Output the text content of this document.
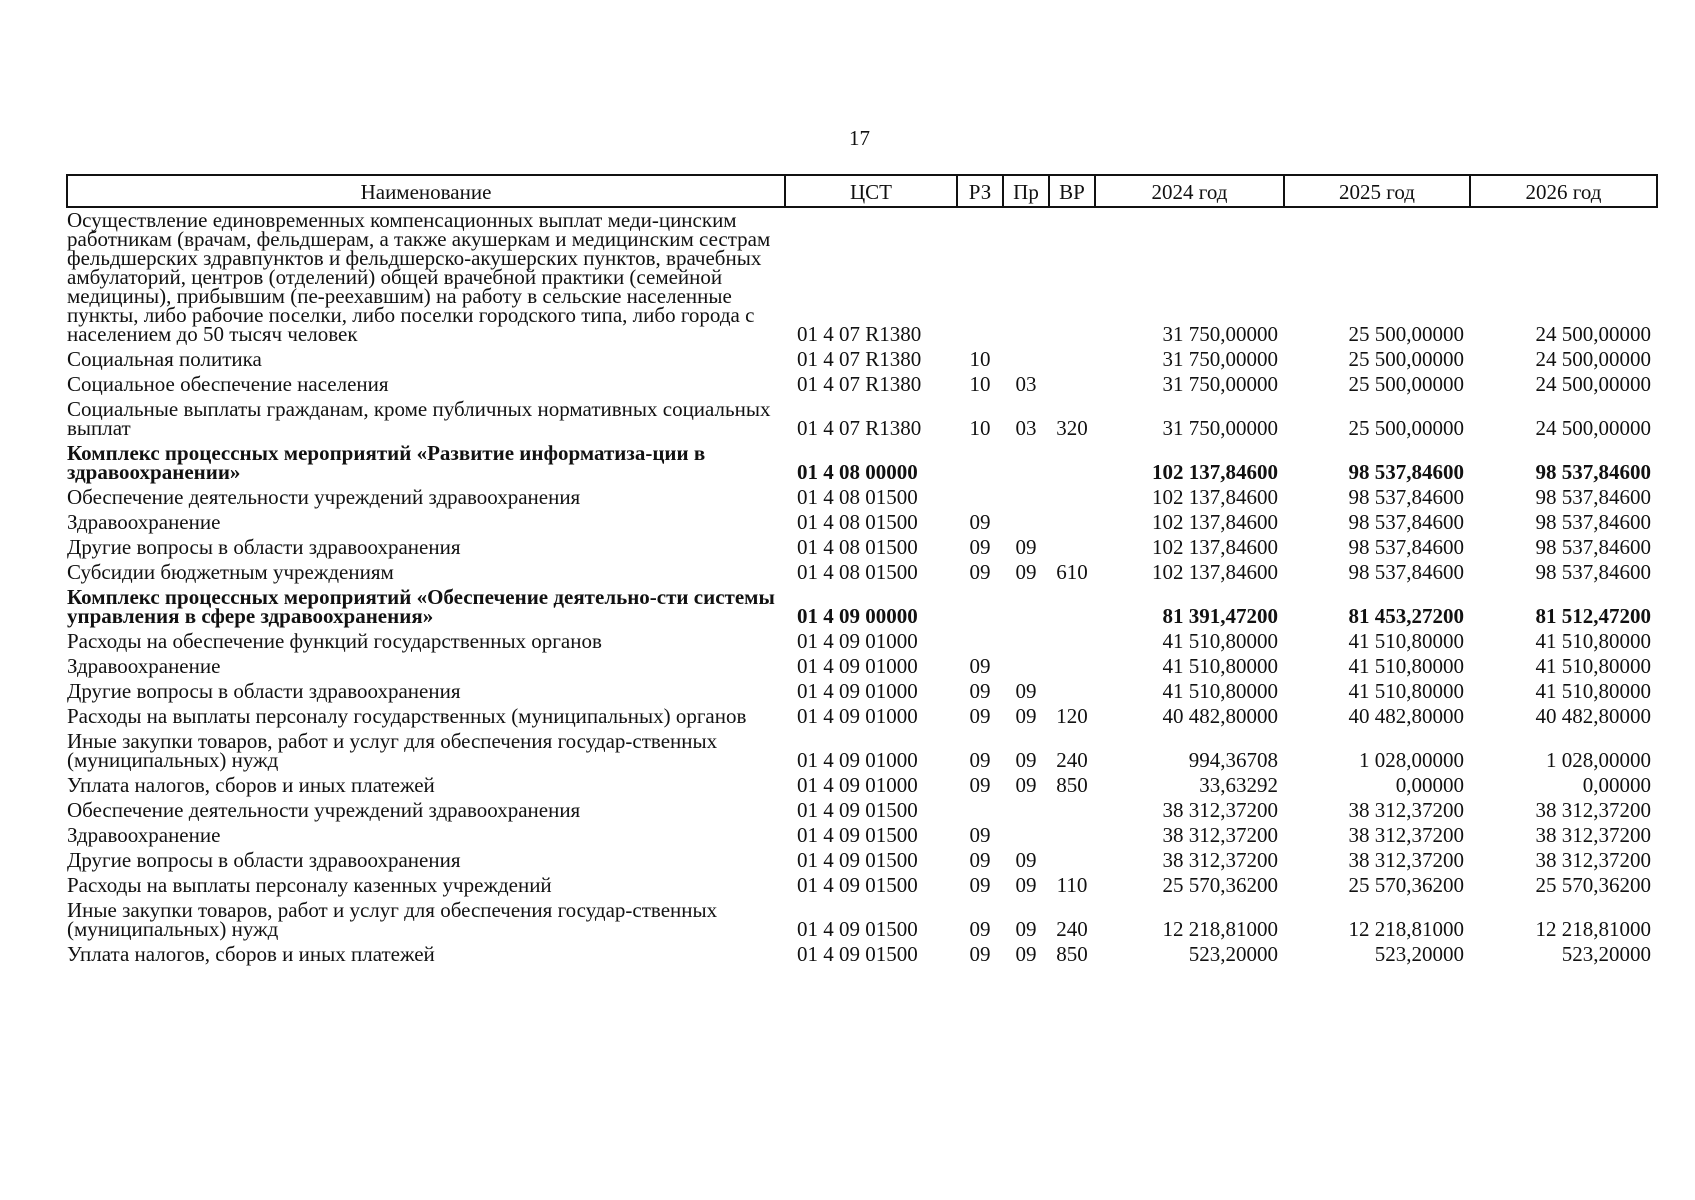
17
Наименование	ЦСТ	РЗ	Пр	ВР	2024 год	2025 год	2026 год
Осуществление единовременных компенсационных выплат меди-цинским работникам (врачам, фельдшерам, а также акушеркам и медицинским сестрам фельдшерских здравпунктов и фельдшерско-акушерских пунктов, врачебных амбулаторий, центров (отделений) общей врачебной практики (семейной медицины), прибывшим (пе-реехавшим) на работу в сельские населенные пункты, либо рабочие поселки, либо поселки городского типа, либо города с населением до 50 тысяч человек	01 4 07 R1380				31 750,00000	25 500,00000	24 500,00000
Социальная политика	01 4 07 R1380	10			31 750,00000	25 500,00000	24 500,00000
Социальное обеспечение населения	01 4 07 R1380	10	03		31 750,00000	25 500,00000	24 500,00000
Социальные выплаты гражданам, кроме публичных нормативных социальных выплат	01 4 07 R1380	10	03	320	31 750,00000	25 500,00000	24 500,00000
Комплекс процессных мероприятий «Развитие информатиза-ции в здравоохранении»	01 4 08 00000				102 137,84600	98 537,84600	98 537,84600
Обеспечение деятельности учреждений здравоохранения	01 4 08 01500				102 137,84600	98 537,84600	98 537,84600
Здравоохранение	01 4 08 01500	09			102 137,84600	98 537,84600	98 537,84600
Другие вопросы в области здравоохранения	01 4 08 01500	09	09		102 137,84600	98 537,84600	98 537,84600
Субсидии бюджетным учреждениям	01 4 08 01500	09	09	610	102 137,84600	98 537,84600	98 537,84600
Комплекс процессных мероприятий «Обеспечение деятельно-сти системы управления в сфере здравоохранения»	01 4 09 00000				81 391,47200	81 453,27200	81 512,47200
Расходы на обеспечение функций государственных органов	01 4 09 01000				41 510,80000	41 510,80000	41 510,80000
Здравоохранение	01 4 09 01000	09			41 510,80000	41 510,80000	41 510,80000
Другие вопросы в области здравоохранения	01 4 09 01000	09	09		41 510,80000	41 510,80000	41 510,80000
Расходы на выплаты персоналу государственных (муниципальных) органов	01 4 09 01000	09	09	120	40 482,80000	40 482,80000	40 482,80000
Иные закупки товаров, работ и услуг для обеспечения государ-ственных (муниципальных) нужд	01 4 09 01000	09	09	240	994,36708	1 028,00000	1 028,00000
Уплата налогов, сборов и иных платежей	01 4 09 01000	09	09	850	33,63292	0,00000	0,00000
Обеспечение деятельности учреждений здравоохранения	01 4 09 01500				38 312,37200	38 312,37200	38 312,37200
Здравоохранение	01 4 09 01500	09			38 312,37200	38 312,37200	38 312,37200
Другие вопросы в области здравоохранения	01 4 09 01500	09	09		38 312,37200	38 312,37200	38 312,37200
Расходы на выплаты персоналу казенных учреждений	01 4 09 01500	09	09	110	25 570,36200	25 570,36200	25 570,36200
Иные закупки товаров, работ и услуг для обеспечения государ-ственных (муниципальных) нужд	01 4 09 01500	09	09	240	12 218,81000	12 218,81000	12 218,81000
Уплата налогов, сборов и иных платежей	01 4 09 01500	09	09	850	523,20000	523,20000	523,20000
